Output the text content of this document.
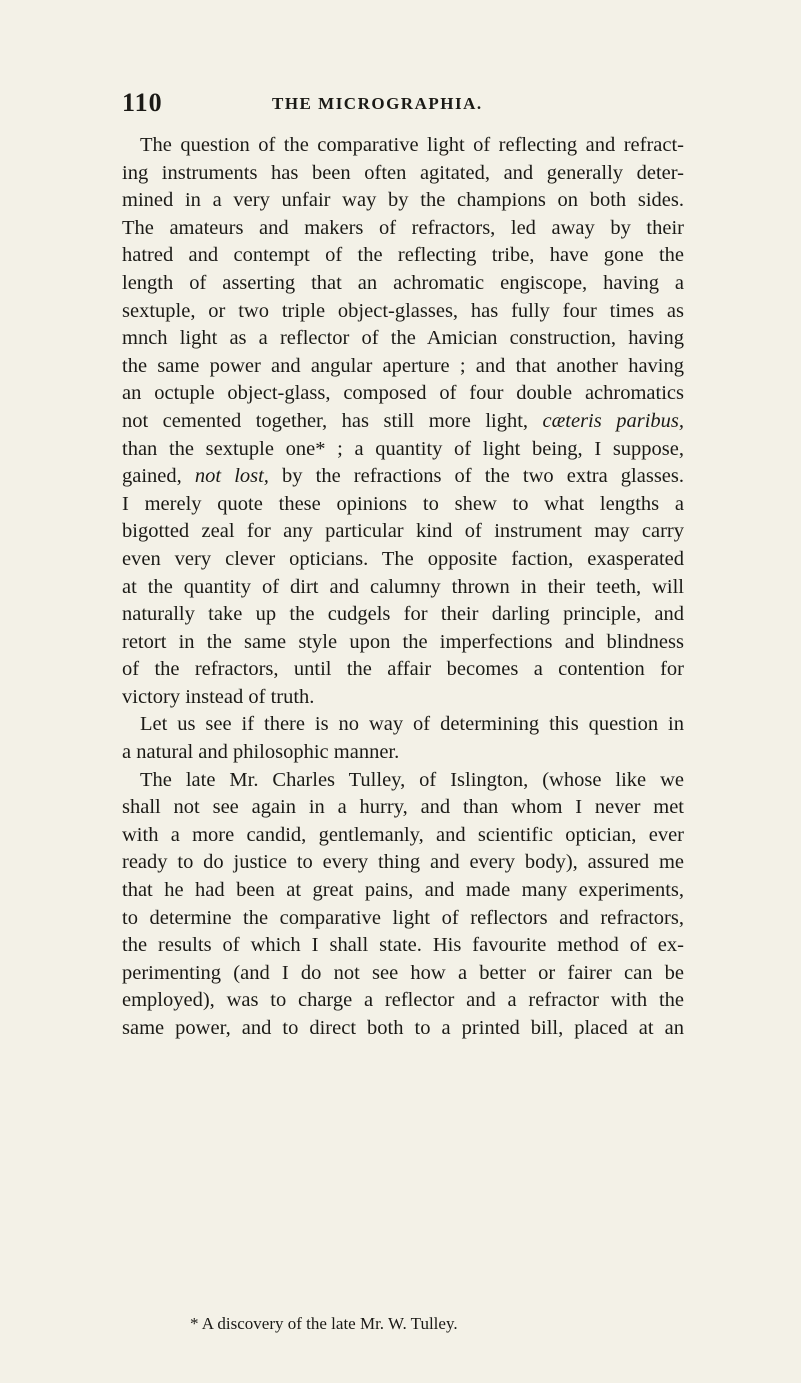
110	THE MICROGRAPHIA.
The question of the comparative light of reflecting and refract-
ing instruments has been often agitated, and generally deter-
mined in a very unfair way by the champions on both sides.
The amateurs and makers of refractors, led away by their
hatred and contempt of the reflecting tribe, have gone the
length of asserting that an achromatic engiscope, having a
sextuple, or two triple object-glasses, has fully four times as
mnch light as a reflector of the Amician construction, having
the same power and angular aperture ; and that another having
an octuple object-glass, composed of four double achromatics
not cemented together, has still more light, cæteris paribus,
than the sextuple one* ; a quantity of light being, I suppose,
gained, not lost, by the refractions of the two extra glasses.
I merely quote these opinions to shew to what lengths a
bigotted zeal for any particular kind of instrument may carry
even very clever opticians. The opposite faction, exasperated
at the quantity of dirt and calumny thrown in their teeth, will
naturally take up the cudgels for their darling principle, and
retort in the same style upon the imperfections and blindness
of the refractors, until the affair becomes a contention for
victory instead of truth.
Let us see if there is no way of determining this question in
a natural and philosophic manner.
The late Mr. Charles Tulley, of Islington, (whose like we
shall not see again in a hurry, and than whom I never met
with a more candid, gentlemanly, and scientific optician, ever
ready to do justice to every thing and every body), assured me
that he had been at great pains, and made many experiments,
to determine the comparative light of reflectors and refractors,
the results of which I shall state. His favourite method of ex-
perimenting (and I do not see how a better or fairer can be
employed), was to charge a reflector and a refractor with the
same power, and to direct both to a printed bill, placed at an
* A discovery of the late Mr. W. Tulley.
